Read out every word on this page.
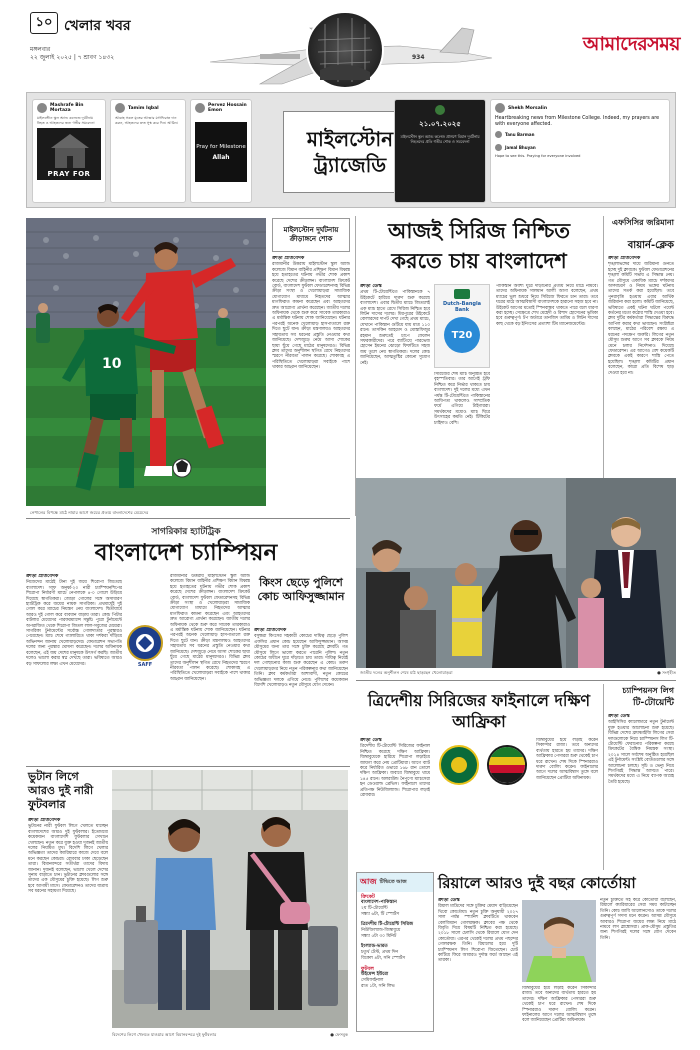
১০ খেলার খবর
মঙ্গলবার
২২ জুলাই ২০২৫ | ৭ শ্রাবণ ১৪৩২
আমাদেরসময়
934
মাইলস্টোন
ট্র্যাজেডি
Mashrafe Bin Mortaza
মাইলস্টোন স্কুল অ্যান্ড কলেজে দুর্ঘটনায় নিহত ও আহতদের জন্য গভীর সমবেদনা
PRAY FOR
Tamim Iqbal
আল্লাহ সকল মৃতের আত্মার মাগফিরাত দান করুন, আহতদের দ্রুত সুস্থ করে দিন। আমিন।
Pervez Hossain Emon
Pray for Milestone
Allah
২১.০৭.২০২৫
মাইলস্টোন স্কুল অ্যান্ড কলেজ প্রাঙ্গণে বিমান দুর্ঘটনায় নিহতদের প্রতি গভীর শোক ও সমবেদনা
Shekh Morsalin
Heartbreaking news from Milestone College. Indeed, my prayers are with everyone affected.
Tanu Barman
Jamal Bhuyan
Hope to see this. Praying for everyone involved
10
নেপালের বিপক্ষে মাঠে নামার আগে জয়ের প্রত্যয় বাংলাদেশের মেয়েদের
মাইলস্টোন দুর্ঘটনায় ক্রীড়াঙ্গনে শোক
ক্রীড়া প্রতিবেদক
রাজধানীর উত্তরায় মাইলস্টোন স্কুল অ্যান্ড কলেজে বিমান বাহিনীর প্রশিক্ষণ বিমান বিধ্বস্ত হয়ে হতাহতের ঘটনায় গভীর শোক প্রকাশ করেছে দেশের ক্রীড়াঙ্গন। বাংলাদেশ ক্রিকেট বোর্ড, বাংলাদেশ ফুটবল ফেডারেশনসহ বিভিন্ন ক্রীড়া সংস্থা ও খেলোয়াড়রা সামাজিক যোগাযোগ মাধ্যমে নিহতদের আত্মার মাগফিরাত কামনা করেছেন এবং আহতদের দ্রুত আরোগ্য প্রার্থনা করেছেন। জাতীয় দলের অধিনায়ক থেকে শুরু করে সাবেক তারকারাও এ মর্মান্তিক ঘটনায় শোক জানিয়েছেন। ঘটনার পরপরই অনেক খেলোয়াড় হাসপাতালে রক্ত দিতে ছুটে যান। ক্রীড়া মন্ত্রণালয়ও আহতদের সহায়তায় সব ধরনের প্রস্তুতি নেওয়ার কথা জানিয়েছে। দেশজুড়ে নেমে আসা শোকের ছায়া ছুঁয়ে গেছে মাঠের মানুষদেরও। বিভিন্ন ক্লাব তাদের অনুশীলন স্থগিত রেখে নিহতদের স্মরণে নীরবতা পালন করেছে। শোকাবহ এ পরিস্থিতিতে খেলোয়াড়রা সবাইকে পাশে থাকার আহ্বান জানিয়েছেন।
আজই সিরিজ নিশ্চিত করতে চায় বাংলাদেশ
ক্রীড়া ডেস্ক
প্রথম টি-টোয়েন্টিতে পাকিস্তানকে ৭ উইকেটে হারিয়ে দারুণ শুরু করেছে বাংলাদেশ। এবার দ্বিতীয় ম্যাচে জিতলেই এক ম্যাচ হাতে রেখে সিরিজ নিশ্চিত হবে লিটন দাসের দলের। মিরপুরের উইকেটে বোলারদের দাপট দেখা গেছে প্রথম ম্যাচে, যেখানে পাকিস্তান গুটিয়ে যায় মাত্র ১১০ রানে। তাসকিন আহমেদ ও মোস্তাফিজুর রহমান শুরুতেই চাপে ফেলেন সফরকারীদের। পরে ব্যাটিংয়ে পারভেজ হোসেন ইমনের ঝোড়ো ফিফটিতে সহজ জয় তুলে নেয় স্বাগতিকরা। দলের কোচ জানিয়েছেন, আত্মতুষ্টির কোনো সুযোগ নেই।
Dutch-Bangla
Bank
T20
সিরিজের শেষ ম্যাচ অনুষ্ঠিত হবে বৃহস্পতিবার। তার আগেই ট্রফি নিশ্চিত করে নির্ভার থাকতে চায় বাংলাদেশ। দুই দলের মধ্যে এখন পর্যন্ত টি-টোয়েন্টিতে পাকিস্তানের আধিপত্য থাকলেও সাম্প্রতিক ফর্মে এগিয়ে টাইগাররা। সমর্থকদের মধ্যেও ম্যাচ ঘিরে উৎসাহের কমতি নেই। টিকিটের চাহিদাও বেশি।
পাকিস্তান অবশ্য ঘুরে দাঁড়ানোর প্রত্যয় নিয়ে মাঠে নামবে। তাদের অধিনায়ক সালমান আলী আগা বলেছেন, প্রথম ম্যাচের ভুল শুধরে নিয়ে সিরিজে ফিরতে চান তারা। তবে ঘরের মাঠে আত্মবিশ্বাসী বাংলাদেশকে হারানো সহজ হবে না। উইকেট আগের মতোই স্পিনবান্ধব থাকতে পারে বলে ধারণা করা হচ্ছে। সেক্ষেত্রে শেখ মেহেদী ও রিশাদ হোসেনের ভূমিকা হবে গুরুত্বপূর্ণ। টপ অর্ডারে তানজিদ তামিম ও লিটন দাসের কাছ থেকে বড় ইনিংসের প্রত্যাশা টিম ম্যানেজমেন্টের।
এফসিসির জরিমানা
বায়ার্ন-ক্লেক
ক্রীড়া প্রতিবেদক
শৃঙ্খলাভঙ্গের দায়ে জরিমানা গুনতে হচ্ছে দুই ক্লাবকে। ফুটবল ফেডারেশনের শৃঙ্খলা কমিটি সভায় এ সিদ্ধান্ত নেয়। গত মৌসুমে একাধিক ম্যাচে দর্শকদের অসদাচরণ ও নিয়ম ভঙ্গের ঘটনায় তাদের সতর্ক করা হয়েছিল। তবে পুনরাবৃত্তি হওয়ায় এবার আর্থিক জরিমানা করা হলো। কমিটি জানিয়েছে, ভবিষ্যতে একই ঘটনা ঘটলে পয়েন্ট কর্তনের মতো কঠোর শাস্তি দেওয়া হবে। ক্লাব দুটির কর্মকর্তারা সিদ্ধান্তের বিরুদ্ধে আপিল করার কথা ভাবছেন। সংশ্লিষ্টরা বলছেন, মাঠের পরিবেশ রক্ষায় এ ধরনের পদক্ষেপ জরুরি। লিগের নতুন মৌসুম শুরুর আগে সব ক্লাবকে নিয়ম মেনে চলার নির্দেশনাও দিয়েছে ফেডারেশন। এর আগেও বেশ কয়েকটি ক্লাবকে একই কারণে শাস্তি পেতে হয়েছিল। শৃঙ্খলা কমিটির প্রধান বলেছেন, কারো প্রতি বিশেষ ছাড় দেওয়া হবে না।
সাগরিকার হ্যাটট্রিক
বাংলাদেশ চ্যাম্পিয়ন
ক্রীড়া প্রতিবেদক
নিজেদের মাঠেই টানা দুই জয়ে শিরোপা জিতেছে বাংলাদেশ। সাফ অনূর্ধ্ব-২০ নারী চ্যাম্পিয়নশিপের শিরোপা নির্ধারণী ম্যাচে নেপালকে ৪-০ গোলে উড়িয়ে দিয়েছে স্বাগতিকরা। জোড়া গোলের সঙ্গে অসাধারণ হ্যাটট্রিক করে জয়ের নায়ক সাগরিকা। প্রথমার্ধেই দুই গোল করে ম্যাচের নিয়ন্ত্রণ নেয় বাংলাদেশ। দ্বিতীয়ার্ধে আরও দুই গোল করে ব্যবধান বাড়ায় তারা। কোচ পিটার বাটলার মেয়েদের পারফরম্যান্সে সন্তুষ্ট। পুরো টুর্নামেন্টে অপরাজিত থেকে শিরোপা জিতল লাল-সবুজের মেয়েরা। সাগরিকা টুর্নামেন্টের সর্বোচ্চ গোলদাতার পুরস্কারও পেয়েছেন। ম্যাচ শেষে গ্যালারিতে থাকা দর্শকরা দাঁড়িয়ে অভিনন্দন জানায় খেলোয়াড়দের। ফেডারেশন সভাপতি দলের জন্য পুরস্কার ঘোষণা করেছেন। দলের অধিনায়ক বলেছেন, এই জয় দেশের মানুষকে উৎসর্গ করছি। জাতীয় দলেও ভালো করার স্বপ্ন দেখছে তারা। ভবিষ্যতে আরও বড় সাফল্যের লক্ষ্য এখন মেয়েদের।	SAFF
রাজধানীর উত্তরায় মাইলস্টোন স্কুল অ্যান্ড কলেজে বিমান বাহিনীর প্রশিক্ষণ বিমান বিধ্বস্ত হয়ে হতাহতের ঘটনায় গভীর শোক প্রকাশ করেছে দেশের ক্রীড়াঙ্গন। বাংলাদেশ ক্রিকেট বোর্ড, বাংলাদেশ ফুটবল ফেডারেশনসহ বিভিন্ন ক্রীড়া সংস্থা ও খেলোয়াড়রা সামাজিক যোগাযোগ মাধ্যমে নিহতদের আত্মার মাগফিরাত কামনা করেছেন এবং আহতদের দ্রুত আরোগ্য প্রার্থনা করেছেন। জাতীয় দলের অধিনায়ক থেকে শুরু করে সাবেক তারকারাও এ মর্মান্তিক ঘটনায় শোক জানিয়েছেন। ঘটনার পরপরই অনেক খেলোয়াড় হাসপাতালে রক্ত দিতে ছুটে যান। ক্রীড়া মন্ত্রণালয়ও আহতদের সহায়তায় সব ধরনের প্রস্তুতি নেওয়ার কথা জানিয়েছে। দেশজুড়ে নেমে আসা শোকের ছায়া ছুঁয়ে গেছে মাঠের মানুষদেরও। বিভিন্ন ক্লাব তাদের অনুশীলন স্থগিত রেখে নিহতদের স্মরণে নীরবতা পালন করেছে। শোকাবহ এ পরিস্থিতিতে খেলোয়াড়রা সবাইকে পাশে থাকার আহ্বান জানিয়েছেন।
কিংস ছেড়ে পুলিশে কোচ আফিসুজ্জামান
ক্রীড়া প্রতিবেদক
বসুন্ধরা কিংসের সহকারী কোচের দায়িত্ব ছেড়ে পুলিশ এফসির প্রধান কোচ হয়েছেন আফিসুজ্জামান। আসন্ন মৌসুমের জন্য তার সঙ্গে চুক্তি করেছে ক্লাবটি। গত মৌসুমে লিগে ভালো করতে পারেনি পুলিশ। নতুন কোচের অধীনে ঘুরে দাঁড়াতে চায় তারা। দায়িত্ব নিয়েই দল গোছানোর কাজ শুরু করেছেন এ কোচ। তরুণ খেলোয়াড়দের নিয়ে নতুন পরিকল্পনার কথা জানিয়েছেন তিনি। ক্লাব কর্মকর্তারা আশাবাদী, নতুন কোচের অভিজ্ঞতা দলকে এগিয়ে নেবে। পুলিশের কয়েকজন বিদেশি খেলোয়াড়ও নতুন মৌসুমে যোগ দেবেন।
জাতীয় দলের অনুশীলন শেষে মাঠ ছাড়ছেন খেলোয়াড়রা	● সংগৃহীত
ত্রিদেশীয় সিরিজের ফাইনালে দক্ষিণ আফ্রিকা
ক্রীড়া ডেস্ক
ত্রিদেশীয় টি-টোয়েন্টি সিরিজের ফাইনাল নিশ্চিত করেছে দক্ষিণ আফ্রিকা। জিম্বাবুয়েকে হারিয়ে শিরোপা লড়াইয়ে জায়গা করে নেয় প্রোটিয়ারা। আগে ব্যাট করে নির্ধারিত ওভারে ১৬৮ রান তোলে দক্ষিণ আফ্রিকা। জবাবে জিম্বাবুয়ে থামে ১৪৫ রানে। অলরাউন্ড নৈপুণ্যে ম্যাচসেরা হন ডেওয়াল্ড ব্রেভিস। ফাইনালে তাদের প্রতিপক্ষ নিউজিল্যান্ড। শিরোপার লড়াই রোববার।
জিম্বাবুয়ের হয়ে লড়াই করেন সিকান্দার রাজা। তবে অন্যদের ব্যর্থতায় হারতে হয় তাদের। দক্ষিণ আফ্রিকার পেসাররা শুরু থেকেই চাপ ধরে রাখেন। শেষ দিকে স্পিনাররাও দারুণ বোলিং করেন। ফাইনালের আগে দলের আত্মবিশ্বাস তুঙ্গে বলে জানিয়েছেন প্রোটিয়া অধিনায়ক।
চ্যাম্পিয়নস লিগ
টি-টোয়েন্টি
ক্রীড়া ডেস্ক
আইসিসির ক্যালেন্ডারে নতুন টুর্নামেন্ট যুক্ত হওয়ার আলোচনা শুরু হয়েছে। বিভিন্ন দেশের ফ্র্যাঞ্চাইজি লিগের সেরা দলগুলোকে নিয়ে চ্যাম্পিয়নস লিগ টি-টোয়েন্টি ফেরানোর পরিকল্পনা করছে ক্রিকেটের বৈশ্বিক নিয়ন্ত্রক সংস্থা। ২০১৪ সালে সর্বশেষ অনুষ্ঠিত হয়েছিল এই টুর্নামেন্ট। সংশ্লিষ্ট বোর্ডগুলোর সঙ্গে আলোচনা চলছে। সূচি ও ভেন্যু নিয়ে শিগগিরই সিদ্ধান্ত আসতে পারে। সমর্থকদের মধ্যে এ নিয়ে ব্যাপক আগ্রহ তৈরি হয়েছে।
ভুটান লিগে আরও দুই নারী ফুটবলার
ক্রীড়া প্রতিবেদক
ভুটানের নারী ফুটবল লিগে খেলতে যাচ্ছেন বাংলাদেশের আরও দুই ফুটবলার। ইতোমধ্যে কয়েকজন বাংলাদেশি ফুটবলার সেখানে খেলছেন। নতুন করে যুক্ত হওয়া দুজনই জাতীয় দলের নিয়মিত মুখ। বিদেশি লিগে খেলার অভিজ্ঞতা তাদের ক্যারিয়ারে কাজে দেবে বলে মনে করছেন কোচরা। রোববার ঢাকা ছেড়েছেন তারা। বিমানবন্দরে সতীর্থরা তাদের বিদায় জানান। দুজনই বলেছেন, ভালো খেলে দেশের সুনাম বাড়াতে চান। ভুটানের ক্লাবগুলোর সঙ্গে তাদের এক মৌসুমের চুক্তি হয়েছে। লিগ শুরু হবে আগামী মাসে। ফেডারেশনও তাদের যাত্রায় সব ধরনের সহায়তা দিয়েছে।
বিদেশের লিগে খেলতে যাওয়ার আগে বিমানবন্দরে দুই ফুটবলার	● ফেসবুক
আজ টিভিতে আজ
ক্রিকেট
বাংলাদেশ-পাকিস্তান
২য় টি-টোয়েন্টি
সন্ধ্যা ৬টা, টি স্পোর্টস
ত্রিদেশীয় টি-টোয়েন্টি সিরিজ
নিউজিল্যান্ড-জিম্বাবুয়ে
সন্ধ্যা ৫টা ৩০ মিনিট
ইংল্যান্ড-ভারত
চতুর্থ টেস্ট, প্রথম দিন
বিকেল ৪টা, সনি স্পোর্টস
ফুটবল
উইমেন্স ইউরো
সেমিফাইনাল
রাত ১টা, সনি লিভ
রিয়ালে আরও দুই বছর কোর্তোয়া
ক্রীড়া ডেস্ক
রিয়াল মাদ্রিদের সঙ্গে চুক্তির মেয়াদ বাড়িয়েছেন থিবো কোর্তোয়া। নতুন চুক্তি অনুযায়ী ২০২৭ সাল পর্যন্ত স্প্যানিশ ক্লাবটিতে থাকবেন বেলজিয়ান গোলরক্ষক। ক্লাবের পক্ষ থেকে বিবৃতি দিয়ে বিষয়টি নিশ্চিত করা হয়েছে। ২০১৮ সালে চেলসি থেকে রিয়ালে যোগ দেন কোর্তোয়া। এরপর থেকেই দলের প্রথম পছন্দের গোলরক্ষক তিনি। রিয়ালের হয়ে দুটি চ্যাম্পিয়নস লিগ শিরোপা জিতেছেন। চোট কাটিয়ে ফিরে আবারও দুর্দান্ত ফর্মে আছেন এই তারকা।
নতুন চুক্তিতে সই করে কোর্তোয়া বলেছেন, রিয়ালে ক্যারিয়ারের সেরা সময় কাটাচ্ছেন তিনি। কোচ জাবি আলোনসোও তাকে দলের গুরুত্বপূর্ণ সদস্য মনে করেন। আসন্ন মৌসুমে আবারও শিরোপা জয়ের লক্ষ্য নিয়ে মাঠে নামবে লস ব্লাঙ্কোসরা। প্রাক-মৌসুম প্রস্তুতির জন্য শিগগিরই দলের সঙ্গে যোগ দেবেন তিনি।
জিম্বাবুয়ের হয়ে লড়াই করেন সিকান্দার রাজা। তবে অন্যদের ব্যর্থতায় হারতে হয় তাদের। দক্ষিণ আফ্রিকার পেসাররা শুরু থেকেই চাপ ধরে রাখেন। শেষ দিকে স্পিনাররাও দারুণ বোলিং করেন। ফাইনালের আগে দলের আত্মবিশ্বাস তুঙ্গে বলে জানিয়েছেন প্রোটিয়া অধিনায়ক।
